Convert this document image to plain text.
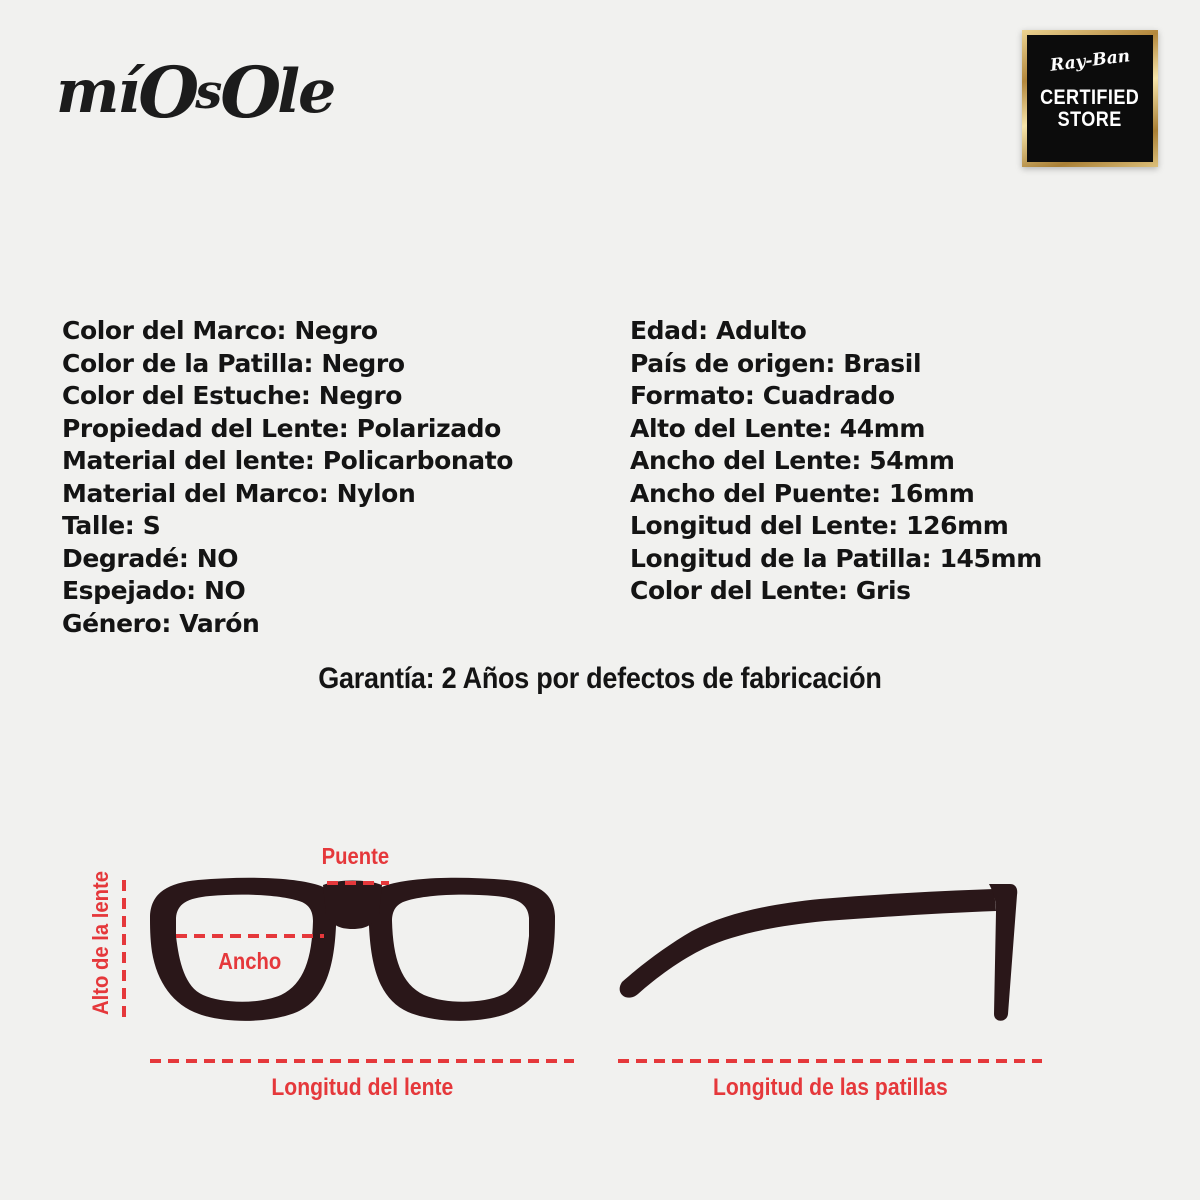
mí O s O le	Ray-Ban
CERTIFIED
STORE
Color del Marco: Negro
Color de la Patilla: Negro
Color del Estuche: Negro
Propiedad del Lente: Polarizado
Material del lente: Policarbonato
Material del Marco: Nylon
Talle: S
Degradé: NO
Espejado: NO
Género: Varón
Edad: Adulto
País de origen: Brasil
Formato: Cuadrado
Alto del Lente: 44mm
Ancho del Lente: 54mm
Ancho del Puente: 16mm
Longitud del Lente: 126mm
Longitud de la Patilla: 145mm
Color del Lente: Gris
Garantía: 2 Años por defectos de fabricación
Puente
Alto de la lente	Ancho
Longitud del lente	Longitud de las patillas
